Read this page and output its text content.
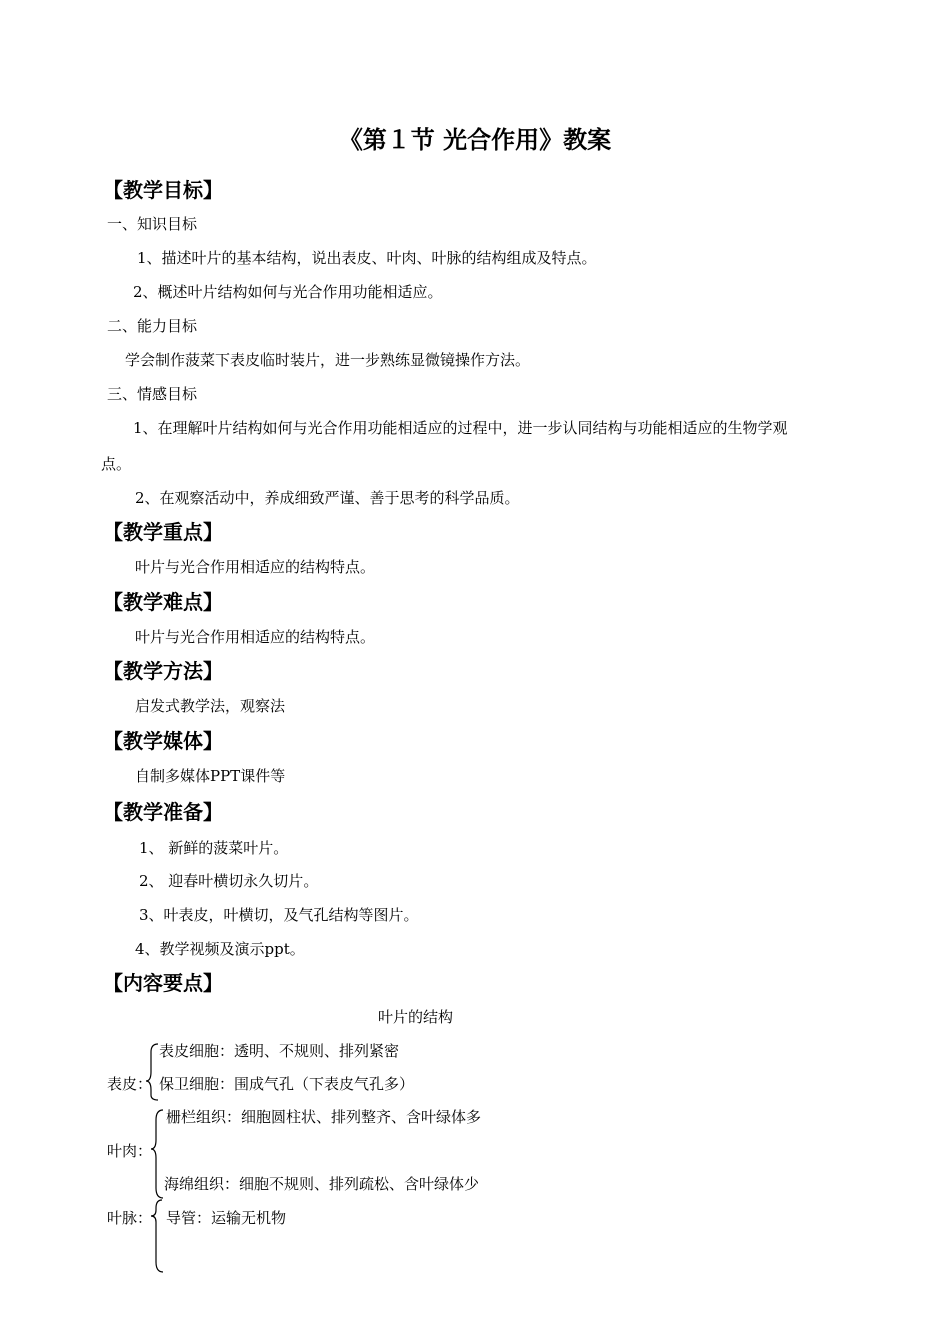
《第１节 光合作用》教案
【教学目标】
一、知识目标
1、描述叶片的基本结构，说出表皮、叶肉、叶脉的结构组成及特点。
2、概述叶片结构如何与光合作用功能相适应。
二、能力目标
学会制作菠菜下表皮临时装片，进一步熟练显微镜操作方法。
三、情感目标
1、在理解叶片结构如何与光合作用功能相适应的过程中，进一步认同结构与功能相适应的生物学观
点。
2、在观察活动中，养成细致严谨、善于思考的科学品质。
【教学重点】
叶片与光合作用相适应的结构特点。
【教学难点】
叶片与光合作用相适应的结构特点。
【教学方法】
启发式教学法，观察法
【教学媒体】
自制多媒体PPT课件等
【教学准备】
1、 新鲜的菠菜叶片。
2、 迎春叶横切永久切片。
3、叶表皮，叶横切，及气孔结构等图片。
4、教学视频及演示ppt。
【内容要点】
叶片的结构
表皮细胞：透明、不规则、排列紧密
表皮： 保卫细胞：围成气孔（下表皮气孔多）
栅栏组织：细胞圆柱状、排列整齐、含叶绿体多
叶肉：
海绵组织：细胞不规则、排列疏松、含叶绿体少
叶脉： 导管：运输无机物
